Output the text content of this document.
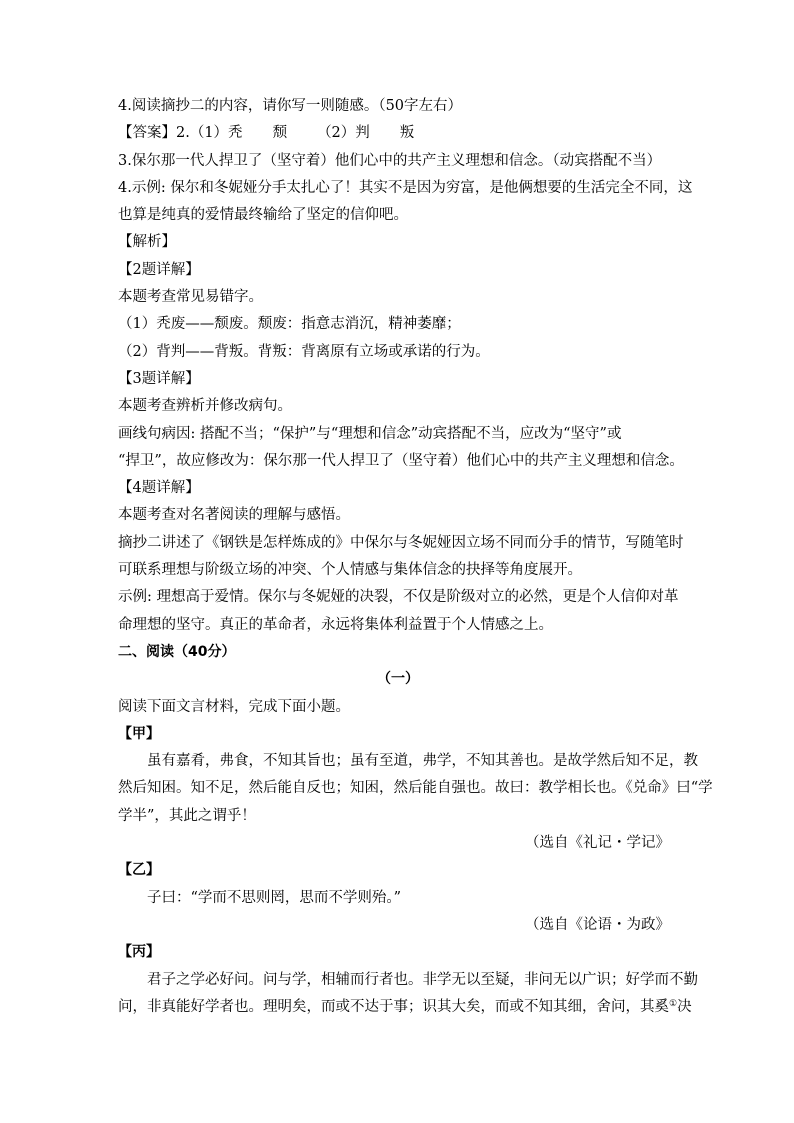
4.阅读摘抄二的内容，请你写一则随感。（50字左右）
【答案】2.（1）秃 颓 （2）判 叛
3.保尔那一代人捍卫了（坚守着）他们心中的共产主义理想和信念。（动宾搭配不当）
4.示例: 保尔和冬妮娅分手太扎心了！其实不是因为穷富，是他俩想要的生活完全不同，这
也算是纯真的爱情最终输给了坚定的信仰吧。
【解析】
【2题详解】
本题考查常见易错字。
（1）秃废——颓废。颓废：指意志消沉，精神萎靡；
（2）背判——背叛。背叛：背离原有立场或承诺的行为。
【3题详解】
本题考查辨析并修改病句。
画线句病因: 搭配不当；“保护”与“理想和信念”动宾搭配不当，应改为“坚守”或
“捍卫”，故应修改为：保尔那一代人捍卫了（坚守着）他们心中的共产主义理想和信念。
【4题详解】
本题考查对名著阅读的理解与感悟。
摘抄二讲述了《钢铁是怎样炼成的》中保尔与冬妮娅因立场不同而分手的情节，写随笔时
可联系理想与阶级立场的冲突、个人情感与集体信念的抉择等角度展开。
示例: 理想高于爱情。保尔与冬妮娅的决裂，不仅是阶级对立的必然，更是个人信仰对革
命理想的坚守。真正的革命者，永远将集体利益置于个人情感之上。
二、阅读（40分）
（一）
阅读下面文言材料，完成下面小题。
【甲】
虽有嘉肴，弗食，不知其旨也；虽有至道，弗学，不知其善也。是故学然后知不足，教
然后知困。知不足，然后能自反也；知困，然后能自强也。故曰：教学相长也。《兑命》曰“学
学半”，其此之谓乎！
（选自《礼记・学记》
【乙】
子曰：“学而不思则罔，思而不学则殆。”
（选自《论语・为政》
【丙】
君子之学必好问。问与学，相辅而行者也。非学无以至疑，非问无以广识；好学而不勤
问，非真能好学者也。理明矣，而或不达于事；识其大矣，而或不知其细，舍问，其奚①决
